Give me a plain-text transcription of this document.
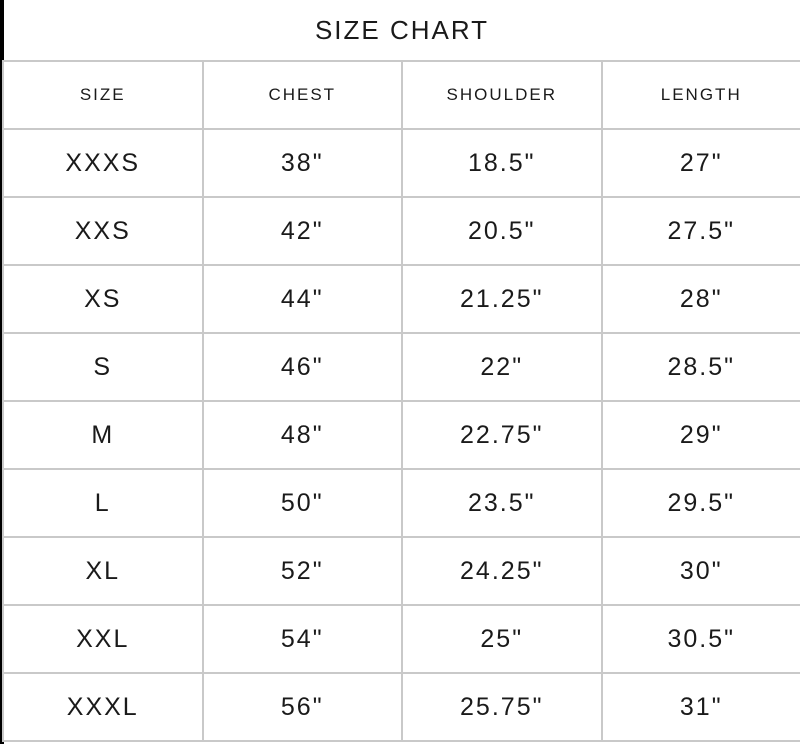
SIZE CHART
SIZE	CHEST	SHOULDER	LENGTH
XXXS	38"	18.5"	27"
XXS	42"	20.5"	27.5"
XS	44"	21.25"	28"
S	46"	22"	28.5"
M	48"	22.75"	29"
L	50"	23.5"	29.5"
XL	52"	24.25"	30"
XXL	54"	25"	30.5"
XXXL	56"	25.75"	31"
